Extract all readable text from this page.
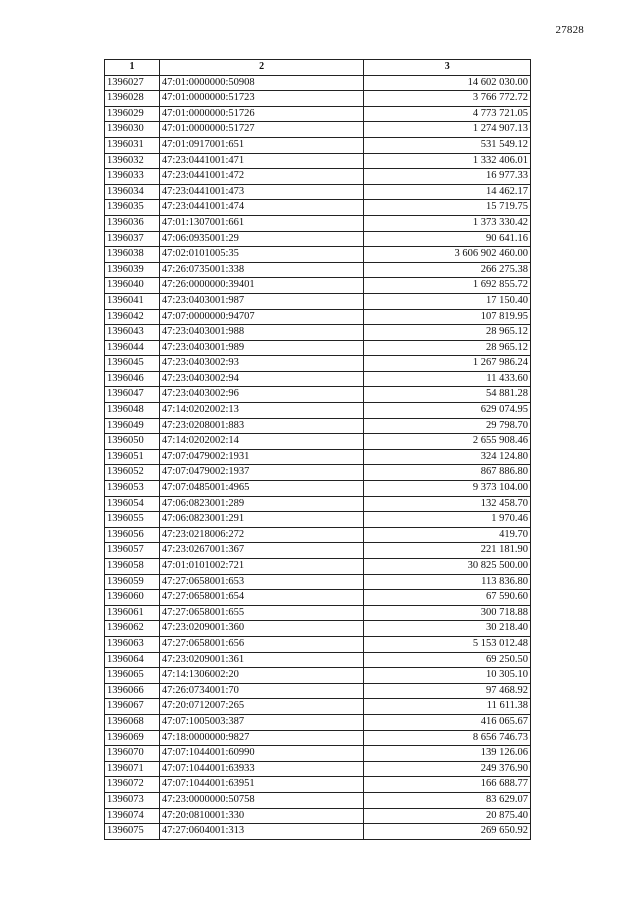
27828
1	2	3
1396027	47:01:0000000:50908	14 602 030.00
1396028	47:01:0000000:51723	3 766 772.72
1396029	47:01:0000000:51726	4 773 721.05
1396030	47:01:0000000:51727	1 274 907.13
1396031	47:01:0917001:651	531 549.12
1396032	47:23:0441001:471	1 332 406.01
1396033	47:23:0441001:472	16 977.33
1396034	47:23:0441001:473	14 462.17
1396035	47:23:0441001:474	15 719.75
1396036	47:01:1307001:661	1 373 330.42
1396037	47:06:0935001:29	90 641.16
1396038	47:02:0101005:35	3 606 902 460.00
1396039	47:26:0735001:338	266 275.38
1396040	47:26:0000000:39401	1 692 855.72
1396041	47:23:0403001:987	17 150.40
1396042	47:07:0000000:94707	107 819.95
1396043	47:23:0403001:988	28 965.12
1396044	47:23:0403001:989	28 965.12
1396045	47:23:0403002:93	1 267 986.24
1396046	47:23:0403002:94	11 433.60
1396047	47:23:0403002:96	54 881.28
1396048	47:14:0202002:13	629 074.95
1396049	47:23:0208001:883	29 798.70
1396050	47:14:0202002:14	2 655 908.46
1396051	47:07:0479002:1931	324 124.80
1396052	47:07:0479002:1937	867 886.80
1396053	47:07:0485001:4965	9 373 104.00
1396054	47:06:0823001:289	132 458.70
1396055	47:06:0823001:291	1 970.46
1396056	47:23:0218006:272	419.70
1396057	47:23:0267001:367	221 181.90
1396058	47:01:0101002:721	30 825 500.00
1396059	47:27:0658001:653	113 836.80
1396060	47:27:0658001:654	67 590.60
1396061	47:27:0658001:655	300 718.88
1396062	47:23:0209001:360	30 218.40
1396063	47:27:0658001:656	5 153 012.48
1396064	47:23:0209001:361	69 250.50
1396065	47:14:1306002:20	10 305.10
1396066	47:26:0734001:70	97 468.92
1396067	47:20:0712007:265	11 611.38
1396068	47:07:1005003:387	416 065.67
1396069	47:18:0000000:9827	8 656 746.73
1396070	47:07:1044001:60990	139 126.06
1396071	47:07:1044001:63933	249 376.90
1396072	47:07:1044001:63951	166 688.77
1396073	47:23:0000000:50758	83 629.07
1396074	47:20:0810001:330	20 875.40
1396075	47:27:0604001:313	269 650.92
